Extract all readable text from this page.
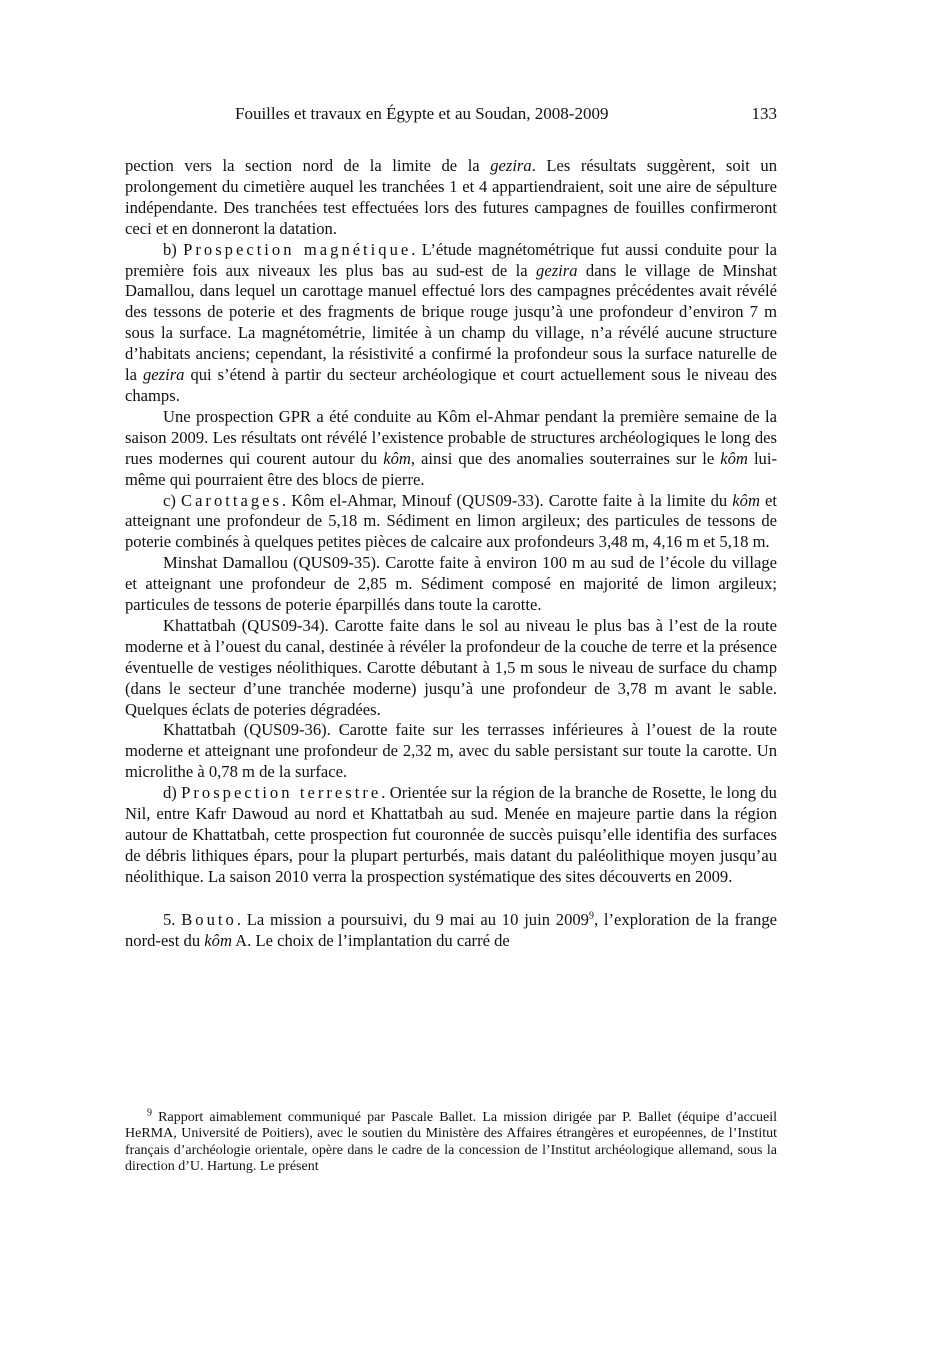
Fouilles et travaux en Égypte et au Soudan, 2008-2009	133

pection vers la section nord de la limite de la gezira. Les résultats suggèrent, soit un prolongement du cimetière auquel les tranchées 1 et 4 appartiendraient, soit une aire de sépulture indépendante. Des tranchées test effectuées lors des futures campagnes de fouilles confirmeront ceci et en donneront la datation.

b) Prospection magnétique. L’étude magnétométrique fut aussi conduite pour la première fois aux niveaux les plus bas au sud-est de la gezira dans le village de Minshat Damallou, dans lequel un carottage manuel effectué lors des campagnes précédentes avait révélé des tessons de poterie et des fragments de brique rouge jusqu’à une profondeur d’environ 7 m sous la surface. La magnétométrie, limitée à un champ du village, n’a révélé aucune structure d’habitats anciens; cependant, la résistivité a confirmé la profondeur sous la surface naturelle de la gezira qui s’étend à partir du secteur archéologique et court actuellement sous le niveau des champs.

Une prospection GPR a été conduite au Kôm el-Ahmar pendant la première semaine de la saison 2009. Les résultats ont révélé l’existence probable de structures archéologiques le long des rues modernes qui courent autour du kôm, ainsi que des anomalies souterraines sur le kôm lui-même qui pourraient être des blocs de pierre.

c) Carottages. Kôm el-Ahmar, Minouf (QUS09-33). Carotte faite à la limite du kôm et atteignant une profondeur de 5,18 m. Sédiment en limon argileux; des particules de tessons de poterie combinés à quelques petites pièces de calcaire aux profondeurs 3,48 m, 4,16 m et 5,18 m.

Minshat Damallou (QUS09-35). Carotte faite à environ 100 m au sud de l’école du village et atteignant une profondeur de 2,85 m. Sédiment composé en majorité de limon argileux; particules de tessons de poterie éparpillés dans toute la carotte.

Khattatbah (QUS09-34). Carotte faite dans le sol au niveau le plus bas à l’est de la route moderne et à l’ouest du canal, destinée à révéler la profondeur de la couche de terre et la présence éventuelle de vestiges néolithiques. Carotte débutant à 1,5 m sous le niveau de surface du champ (dans le secteur d’une tranchée moderne) jusqu’à une profondeur de 3,78 m avant le sable. Quelques éclats de poteries dégradées.

Khattatbah (QUS09-36). Carotte faite sur les terrasses inférieures à l’ouest de la route moderne et atteignant une profondeur de 2,32 m, avec du sable persistant sur toute la carotte. Un microlithe à 0,78 m de la surface.

d) Prospection terrestre. Orientée sur la région de la branche de Rosette, le long du Nil, entre Kafr Dawoud au nord et Khattatbah au sud. Menée en majeure partie dans la région autour de Khattatbah, cette prospection fut couronnée de succès puisqu’elle identifia des surfaces de débris lithiques épars, pour la plupart perturbés, mais datant du paléolithique moyen jusqu’au néolithique. La saison 2010 verra la prospection systématique des sites découverts en 2009.

5. Bouto. La mission a poursuivi, du 9 mai au 10 juin 2009$^9$, l’exploration de la frange nord-est du kôm A. Le choix de l’implantation du carré de

$^9$ Rapport aimablement communiqué par Pascale Ballet. La mission dirigée par P. Ballet (équipe d’accueil HeRMA, Université de Poitiers), avec le soutien du Ministère des Affaires étrangères et européennes, de l’Institut français d’archéologie orientale, opère dans le cadre de la concession de l’Institut archéologique allemand, sous la direction d’U. Hartung. Le présent
